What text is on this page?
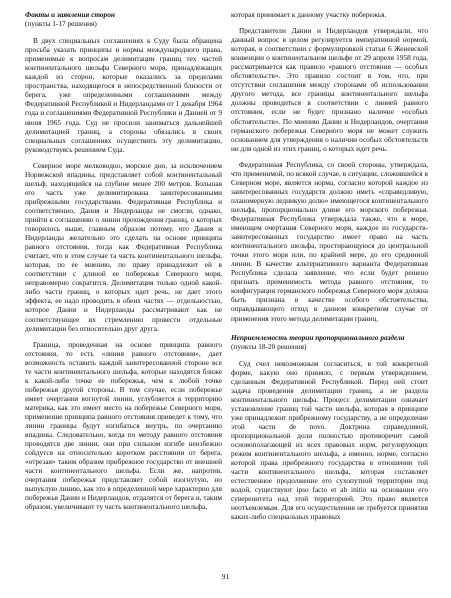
Факты и заявления сторон
(пункты 1-17 решения)

В двух специальных соглашениях к Суду была обращена просьба указать принципы и нормы международного права, применимые к вопросам делимитации границ тех частей континентального шельфа Северного моря, принадлежащих каждой из сторон, которые оказались за пределами пространства, находящегося в непосредственной близости от берега, уже определенными соглашениями между Федеративной Республикой и Нидерландами от 1 декабря 1964 года и соглашениями Федеративной Республики и Данией от 9 июня 1965 года. Суд не просили заниматься дальнейшей делимитацией границ, а стороны обязались в своих специальных соглашениях осуществить эту делимитацию, руководствуясь решением Суда.

Северное море мелководно, морское дно, за исключением Норвежской впадины, представляет собой континентальный шельф, находящийся на глубине менее 200 метров. Большая его часть уже делимитирована заинтересованными прибрежными государствами. Федеративная Республика и соответственно, Дания и Нидерланды не смогли, однако, прийти к соглашению о линии прохождения границ, о которых говорилось выше, главным образом потому, что Дания и Нидерланды желательно это сделать на основе принципа равного отстояния, тогда как Федеративная Республика считает, что в этом случае та часть континентального шельфа, которая, по ее мнению, по праву принадлежит ей в соответствии с длиной ее побережья Северного моря, неправомерно сократится. Делимитация только одной какой-либо части границ, о которых идет речь, не дает этого эффекта, ее надо проводить в обеих частях — отдельностью, которое Дания и Нидерланды рассматривают как не соответствующее их стремлению провести отдельные делимитации без относительно друг друга.

Граница, проведенная на основе принципа равного отстояния, то есть «линия равного отстояния», дает возможность оставить каждой заинтересованной стороне все те части континентального шельфа, которые находятся ближе к какой-либо точке ее побережья, чем к любой точке побережья другой стороны. В том случае, если побережье имеет очертания вогнутой линии, углубляется в территорию материка, как это имеет место на побережье Северного моря, применение принципа равного отстояния приведет к тому, что линии границы будут изгибаться внутрь, по очертанию впадины. Следовательно, когда по методу равного отстояния проводятся две линии, они при сильном изгибе неизбежно сойдутся на относительно коротком расстоянии от берега, «отрезая» таким образом прибрежное государство от внешней части континентального шельфа. Если же, напротив, очертания побережья представляет собой изогнутую, но выпуклую линию, как это в определенной мере характерно для побережья Дании и Нидерландов, отдалятся от берега и, таким образом, увеличивают ту часть континентального шельфа,

которая принимает к данному участку побережья.

Представители Дании и Нидерландов утверждали, что данный вопрос в целом регулируется императивной нормой, которая, в соответствии с формулировкой статьи 6 Женевской конвенции о континентальном шельфе от 29 апреля 1958 года, рассматривается как правило «равного отстояния — особых обстоятельств». Это правило состоит в том, что, при отсутствии соглашения между сторонами об использовании другого метода, все границы континентального шельфа должны проводиться в соответствии с линией равного отстояния, если не будет признано наличие «особых обстоятельств». По мнению Дании и Нидерландов, очертания германского побережья Северного моря не может служить основанием для утверждения о наличии особых обстоятельств ни для одной из этих границ, о которых идет речь.

Федеративная Республика, со своей стороны, утверждала, что применимой, по всякой случае, в ситуации, сложившейся в Северном море, является норма, согласно которой каждое из заинтересованных государств должно иметь «справедливую, планомерную ледникую долю» имеющегося континентального шельфа, пропорционально длине его морского побережья. Федеративная Республика утверждала также, что в море, имеющем очертания Северного моря, каждое из государств-заинтересованных государство имеет право на часть континентального шельфа, простирающуюся до центральной точки этого моря или, по крайней мере, до его срединной линии. В качестве альтернативного варианта Федеративная Республика сделала заявление, что если будет решено признать применимость метода равного отстояния, то конфигурация германского побережья Северного моря должна быть признана в качестве особого обстоятельства, оправдывающего отход в данном конкретном случае от применения этого метода делимитации границ.

Неприемлемость теории пропорционального раздела
(пункты 18-20 решения)

Суд счел невозможным согласиться, в той конкретной форме, какую оно приняло, с первым утверждением, сделанным Федеративной Республикой. Перед ней стоит задача проведения делимитации границ, а не раздела континентального шельфа. Процесс делимитации означает установление границ той части шельфа, которая в принципе уже принадлежит прибрежному государству, а не определение этой части de novo. Доктрина справедливой, пропорциональной доли полностью противоречит самой основополагающей из всех правовых норм, регулирующих режим континентального шельфа, а именно, норме, согласно которой права прибрежного государства в отношении той части континентального шельфа, которая составляет естественное продолжение его сухопутной территории под водой, существуют ipso facto et ab initio на основании его суверенитета над этой территорией. Это право является неотъемлемым. Для его осуществления не требуется принятия каких-либо специальных правовых

91
